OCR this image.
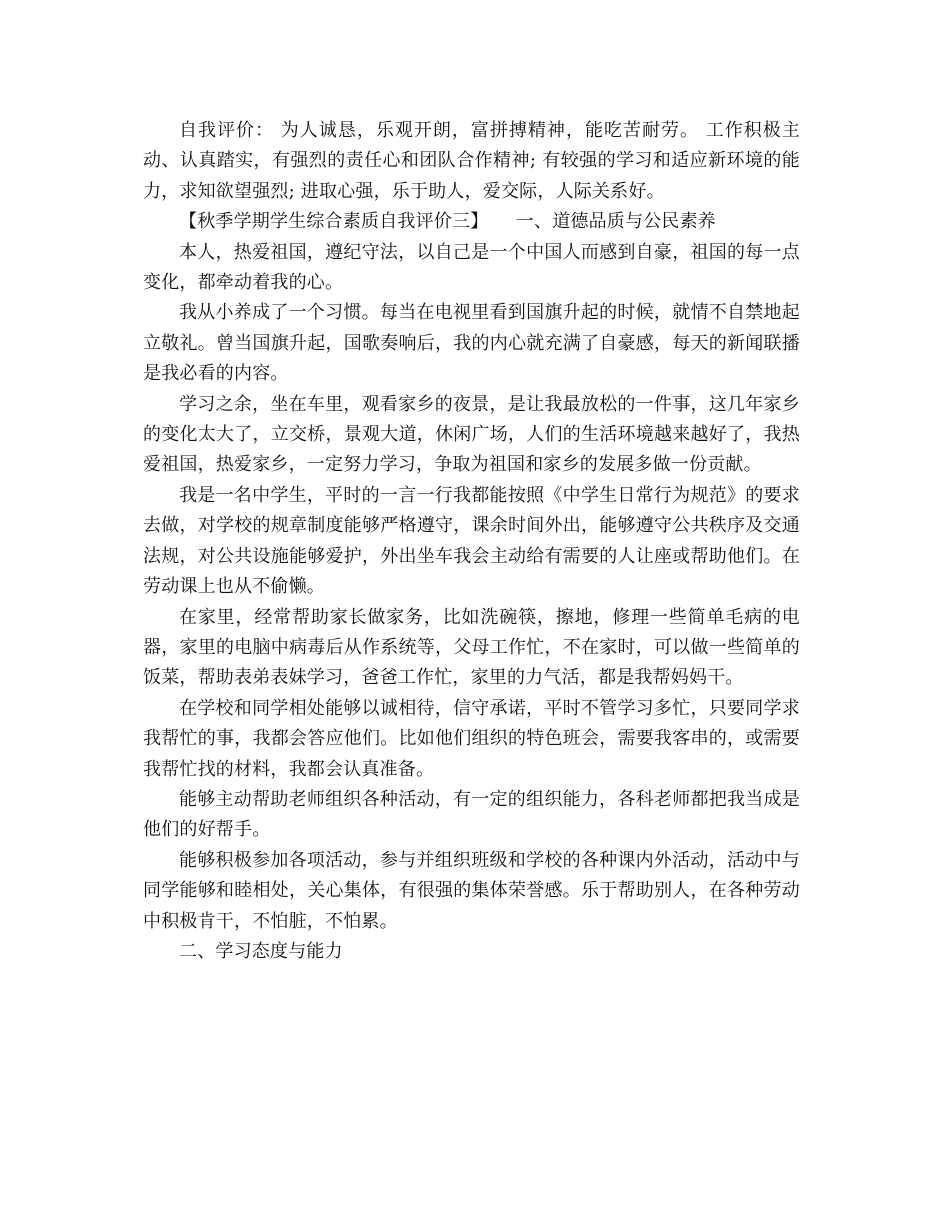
自我评价： 为人诚恳，乐观开朗，富拼搏精神，能吃苦耐劳。 工作积极主动、认真踏实，有强烈的责任心和团队合作精神; 有较强的学习和适应新环境的能力，求知欲望强烈; 进取心强，乐于助人，爱交际，人际关系好。

【秋季学期学生综合素质自我评价三】　　一、道德品质与公民素养

本人，热爱祖国，遵纪守法，以自己是一个中国人而感到自豪，祖国的每一点变化，都牵动着我的心。

我从小养成了一个习惯。每当在电视里看到国旗升起的时候，就情不自禁地起立敬礼。曾当国旗升起，国歌奏响后，我的内心就充满了自豪感，每天的新闻联播是我必看的内容。

学习之余，坐在车里，观看家乡的夜景，是让我最放松的一件事，这几年家乡的变化太大了，立交桥，景观大道，休闲广场，人们的生活环境越来越好了，我热爱祖国，热爱家乡，一定努力学习，争取为祖国和家乡的发展多做一份贡献。

我是一名中学生，平时的一言一行我都能按照《中学生日常行为规范》的要求去做，对学校的规章制度能够严格遵守，课余时间外出，能够遵守公共秩序及交通法规，对公共设施能够爱护，外出坐车我会主动给有需要的人让座或帮助他们。在劳动课上也从不偷懒。

在家里，经常帮助家长做家务，比如洗碗筷，擦地，修理一些简单毛病的电器，家里的电脑中病毒后从作系统等，父母工作忙，不在家时，可以做一些简单的饭菜，帮助表弟表妹学习，爸爸工作忙，家里的力气活，都是我帮妈妈干。

在学校和同学相处能够以诚相待，信守承诺，平时不管学习多忙，只要同学求我帮忙的事，我都会答应他们。比如他们组织的特色班会，需要我客串的，或需要我帮忙找的材料，我都会认真准备。

能够主动帮助老师组织各种活动，有一定的组织能力，各科老师都把我当成是他们的好帮手。

能够积极参加各项活动，参与并组织班级和学校的各种课内外活动，活动中与同学能够和睦相处，关心集体，有很强的集体荣誉感。乐于帮助别人，在各种劳动中积极肯干，不怕脏，不怕累。

二、学习态度与能力
